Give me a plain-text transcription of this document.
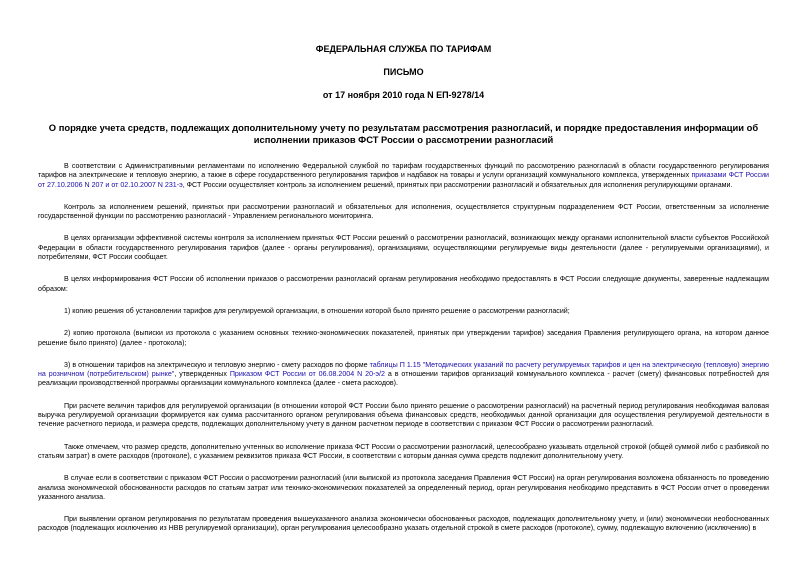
ФЕДЕРАЛЬНАЯ СЛУЖБА ПО ТАРИФАМ
ПИСЬМО
от 17 ноября 2010 года N ЕП-9278/14
О порядке учета средств, подлежащих дополнительному учету по результатам рассмотрения разногласий, и порядке предоставления информации об исполнении приказов ФСТ России о рассмотрении разногласий

В соответствии с Административными регламентами по исполнению Федеральной службой по тарифам государственных функций по рассмотрению разногласий в области государственного регулирования тарифов на электрические и тепловую энергию, а также в сфере государственного регулирования тарифов и надбавок на товары и услуги организаций коммунального комплекса, утвержденных приказами ФСТ России от 27.10.2006 N 207 и от 02.10.2007 N 231-э, ФСТ России осуществляет контроль за исполнением решений, принятых при рассмотрении разногласий и обязательных для исполнения регулирующими органами.

Контроль за исполнением решений, принятых при рассмотрении разногласий и обязательных для исполнения, осуществляется структурным подразделением ФСТ России, ответственным за исполнение государственной функции по рассмотрению разногласий - Управлением регионального мониторинга.

В целях организации эффективной системы контроля за исполнением принятых ФСТ России решений о рассмотрении разногласий, возникающих между органами исполнительной власти субъектов Российской Федерации в области государственного регулирования тарифов (далее - органы регулирования), организациями, осуществляющими регулируемые виды деятельности (далее - регулируемыми организациями), и потребителями, ФСТ России сообщает.

В целях информирования ФСТ России об исполнении приказов о рассмотрении разногласий органам регулирования необходимо предоставлять в ФСТ России следующие документы, заверенные надлежащим образом:

1) копию решения об установлении тарифов для регулируемой организации, в отношении которой было принято решение о рассмотрении разногласий;

2) копию протокола (выписки из протокола с указанием основных технико-экономических показателей, принятых при утверждении тарифов) заседания Правления регулирующего органа, на котором данное решение было принято) (далее - протокола);

3) в отношении тарифов на электрическую и тепловую энергию - смету расходов по форме таблицы П 1.15 "Методических указаний по расчету регулируемых тарифов и цен на электрическую (тепловую) энергию на розничном (потребительском) рынке", утвержденных Приказом ФСТ России от 06.08.2004 N 20-э/2 а в отношении тарифов организаций коммунального комплекса - расчет (смету) финансовых потребностей для реализации производственной программы организации коммунального комплекса (далее - смета расходов).

При расчете величин тарифов для регулируемой организации (в отношении которой ФСТ России было принято решение о рассмотрении разногласий) на расчетный период регулирования необходимая валовая выручка регулируемой организации формируется как сумма рассчитанного органом регулирования объема финансовых средств, необходимых данной организации для осуществления регулируемой деятельности в течение расчетного периода, и размера средств, подлежащих дополнительному учету в данном расчетном периоде в соответствии с приказом ФСТ России о рассмотрении разногласий.

Также отмечаем, что размер средств, дополнительно учтенных во исполнение приказа ФСТ России о рассмотрении разногласий, целесообразно указывать отдельной строкой (общей суммой либо с разбивкой по статьям затрат) в смете расходов (протоколе), с указанием реквизитов приказа ФСТ России, в соответствии с которым данная сумма средств подлежит дополнительному учету.

В случае если в соответствии с приказом ФСТ России о рассмотрении разногласий (или выпиской из протокола заседания Правления ФСТ России) на орган регулирования возложена обязанность по проведению анализа экономической обоснованности расходов по статьям затрат или технико-экономических показателей за определенный период, орган регулирования необходимо представить в ФСТ России отчет о проведении указанного анализа.

При выявлении органом регулирования по результатам проведения вышеуказанного анализа экономически обоснованных расходов, подлежащих дополнительному учету, и (или) экономически необоснованных расходов (подлежащих исключению из НВВ регулируемой организации), орган регулирования целесообразно указать отдельной строкой в смете расходов (протоколе), сумму, подлежащую включению (исключению) в
